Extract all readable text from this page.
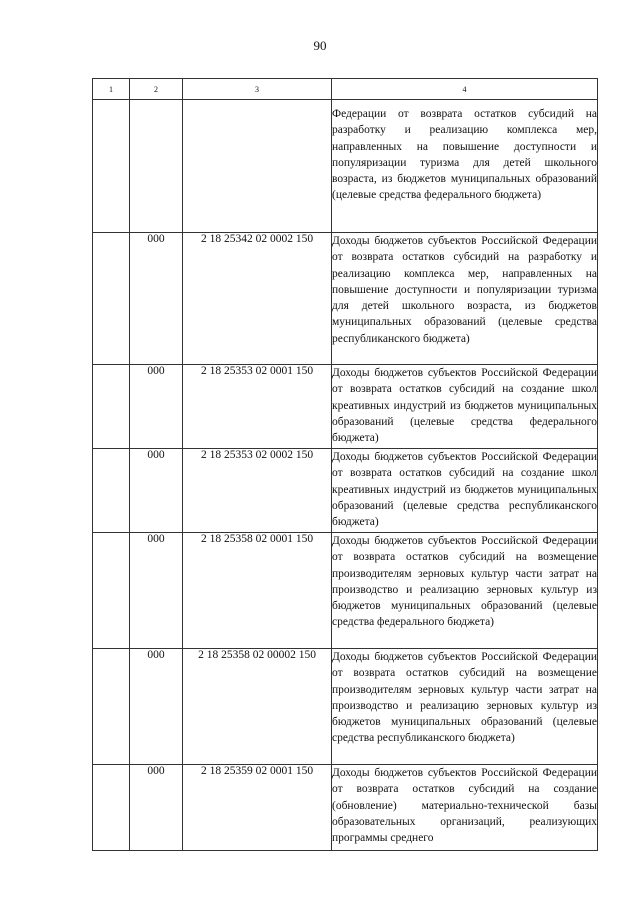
90
1	2	3	4
			Федерации от возврата остатков субсидий на разработку и реализацию комплекса мер, направленных на повышение доступности и популяризации туризма для детей школьного возраста, из бюджетов муниципальных образований (целевые средства федерального бюджета)
	000	2 18 25342 02 0002 150	Доходы бюджетов субъектов Российской Федерации от возврата остатков субсидий на разработку и реализацию комплекса мер, направленных на повышение доступности и популяризации туризма для детей школьного возраста, из бюджетов муниципальных образований (целевые средства республиканского бюджета)
	000	2 18 25353 02 0001 150	Доходы бюджетов субъектов Российской Федерации от возврата остатков субсидий на создание школ креативных индустрий из бюджетов муниципальных образований (целевые средства федерального бюджета)
	000	2 18 25353 02 0002 150	Доходы бюджетов субъектов Российской Федерации от возврата остатков субсидий на создание школ креативных индустрий из бюджетов муниципальных образований (целевые средства республиканского бюджета)
	000	2 18 25358 02 0001 150	Доходы бюджетов субъектов Российской Федерации от возврата остатков субсидий на возмещение производителям зерновых культур части затрат на производство и реализацию зерновых культур из бюджетов муниципальных образований (целевые средства федерального бюджета)
	000	2 18 25358 02 00002 150	Доходы бюджетов субъектов Российской Федерации от возврата остатков субсидий на возмещение производителям зерновых культур части затрат на производство и реализацию зерновых культур из бюджетов муниципальных образований (целевые средства республиканского бюджета)
	000	2 18 25359 02 0001 150	Доходы бюджетов субъектов Российской Федерации от возврата остатков субсидий на создание (обновление) материально-технической базы образовательных организаций, реализующих программы среднего
